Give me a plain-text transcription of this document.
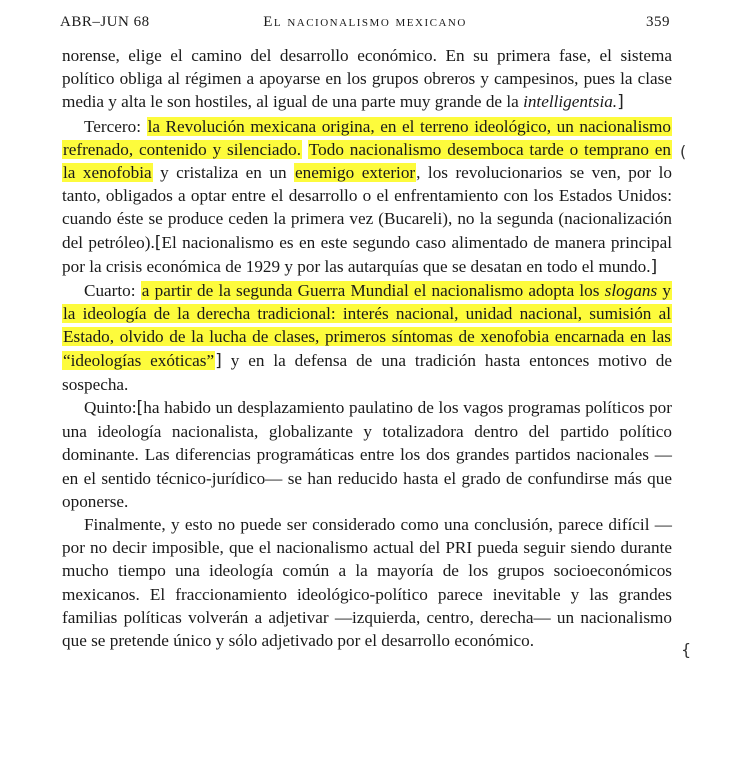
ABR–JUN 68	El nacionalismo mexicano	359

norense, elige el camino del desarrollo económico. En su primera fase, el sistema político obliga al régimen a apoyarse en los grupos obreros y campesinos, pues la clase media y alta le son hostiles, al igual de una parte muy grande de la intelligentsia.]

Tercero: la Revolución mexicana origina, en el terreno ideológico, un nacionalismo refrenado, contenido y silenciado. Todo nacionalismo desemboca tarde o temprano en la xenofobia y cristaliza en un enemigo exterior, los revolucionarios se ven, por lo tanto, obligados a optar entre el desarrollo o el enfrentamiento con los Estados Unidos: cuando éste se produce ceden la primera vez (Bucareli), no la segunda (nacionalización del petróleo).[El nacionalismo es en este segundo caso alimentado de manera principal por la crisis económica de 1929 y por las autarquías que se desatan en todo el mundo.]

Cuarto: a partir de la segunda Guerra Mundial el nacionalismo adopta los slogans y la ideología de la derecha tradicional: interés nacional, unidad nacional, sumisión al Estado, olvido de la lucha de clases, primeros síntomas de xenofobia encarnada en las “ideologías exóticas”] y en la defensa de una tradición hasta entonces motivo de sospecha.

Quinto:[ha habido un desplazamiento paulatino de los vagos programas políticos por una ideología nacionalista, globalizante y totalizadora dentro del partido político dominante. Las diferencias programáticas entre los dos grandes partidos nacionales —en el sentido técnico-jurídico— se han reducido hasta el grado de confundirse más que oponerse.

Finalmente, y esto no puede ser considerado como una conclusión, parece difícil —por no decir imposible, que el nacionalismo actual del PRI pueda seguir siendo durante mucho tiempo una ideología común a la mayoría de los grupos socioeconómicos mexicanos. El fraccionamiento ideológico-político parece inevitable y las grandes familias políticas volverán a adjetivar —izquierda, centro, derecha— un nacionalismo que se pretende único y sólo adjetivado por el desarrollo económico.

(
{
